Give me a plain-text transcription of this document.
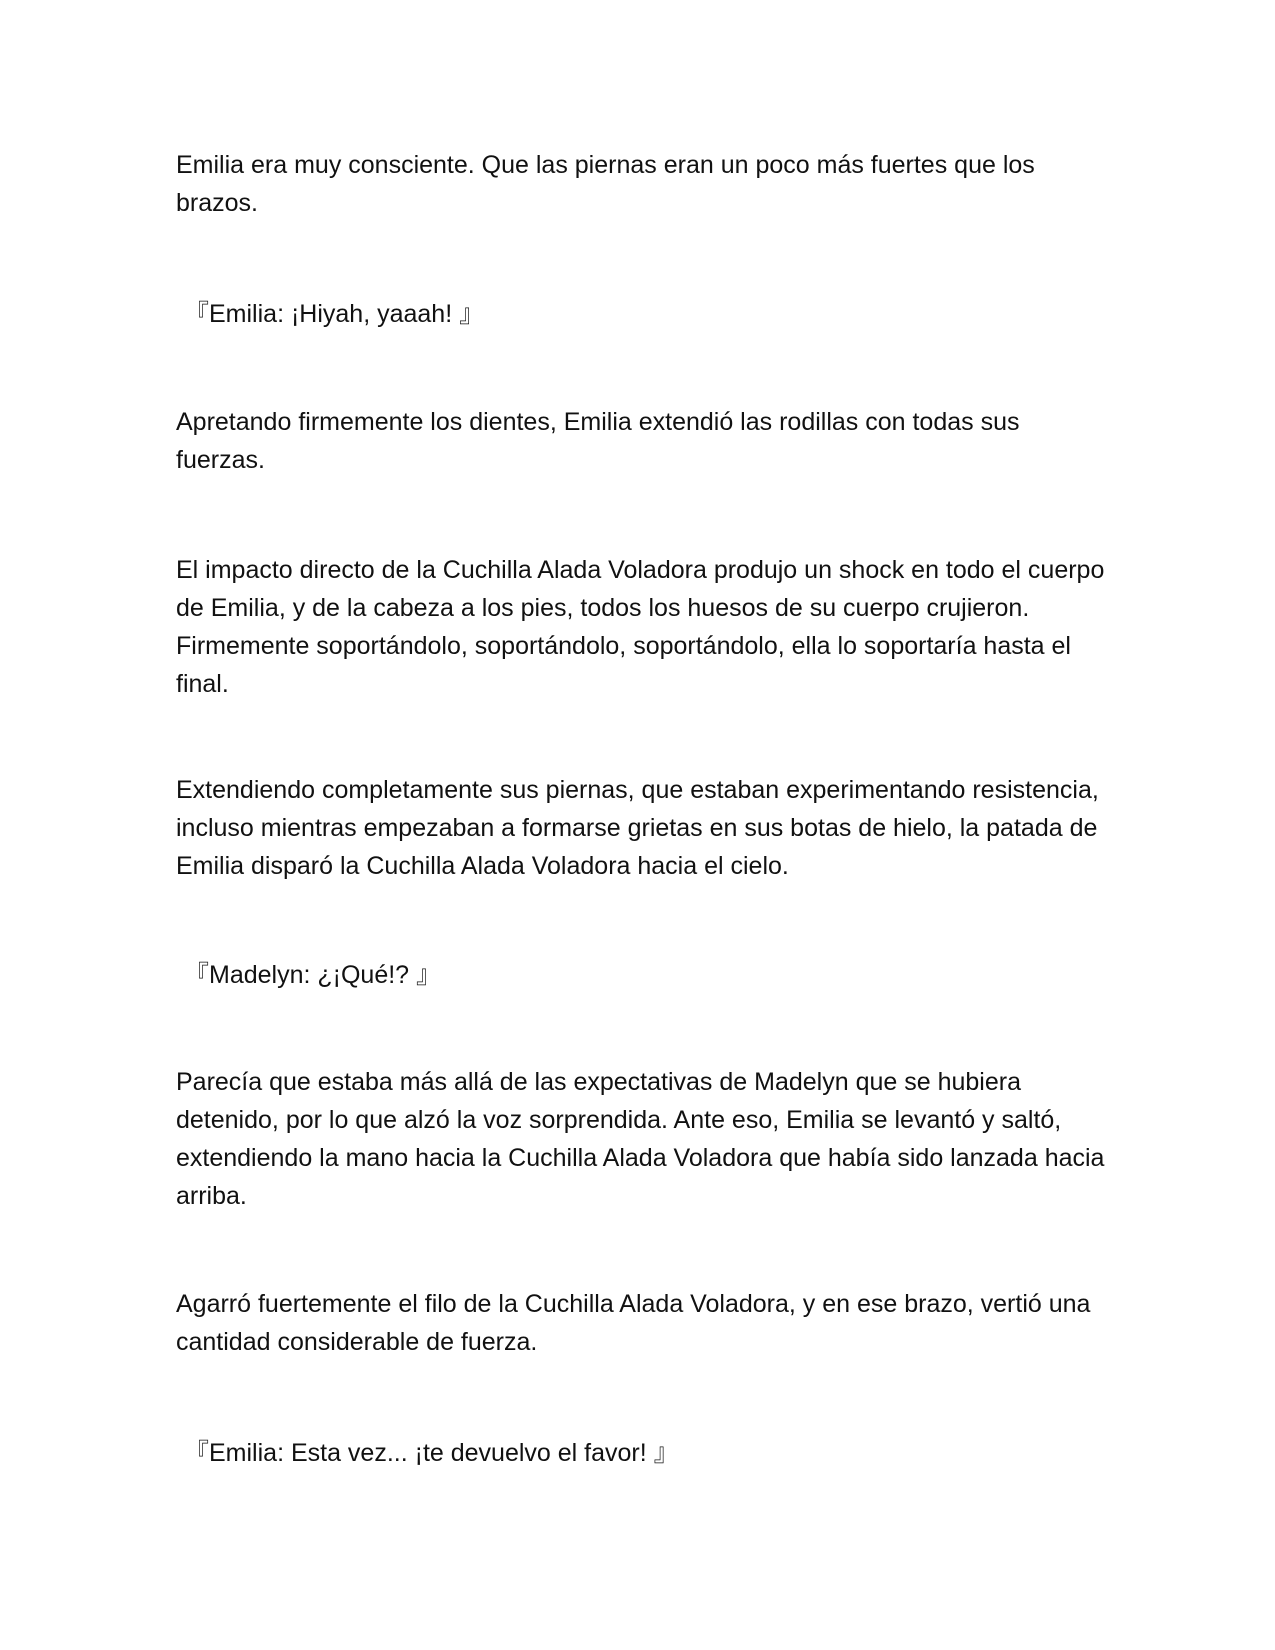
Emilia era muy consciente. Que las piernas eran un poco más fuertes que los brazos.

『Emilia: ¡Hiyah, yaaah! 』

Apretando firmemente los dientes, Emilia extendió las rodillas con todas sus fuerzas.

El impacto directo de la Cuchilla Alada Voladora produjo un shock en todo el cuerpo de Emilia, y de la cabeza a los pies, todos los huesos de su cuerpo crujieron. Firmemente soportándolo, soportándolo, soportándolo, ella lo soportaría hasta el final.

Extendiendo completamente sus piernas, que estaban experimentando resistencia, incluso mientras empezaban a formarse grietas en sus botas de hielo, la patada de Emilia disparó la Cuchilla Alada Voladora hacia el cielo.

『Madelyn: ¿¡Qué!? 』

Parecía que estaba más allá de las expectativas de Madelyn que se hubiera detenido, por lo que alzó la voz sorprendida. Ante eso, Emilia se levantó y saltó, extendiendo la mano hacia la Cuchilla Alada Voladora que había sido lanzada hacia arriba.

Agarró fuertemente el filo de la Cuchilla Alada Voladora, y en ese brazo, vertió una cantidad considerable de fuerza.

『Emilia: Esta vez... ¡te devuelvo el favor! 』
